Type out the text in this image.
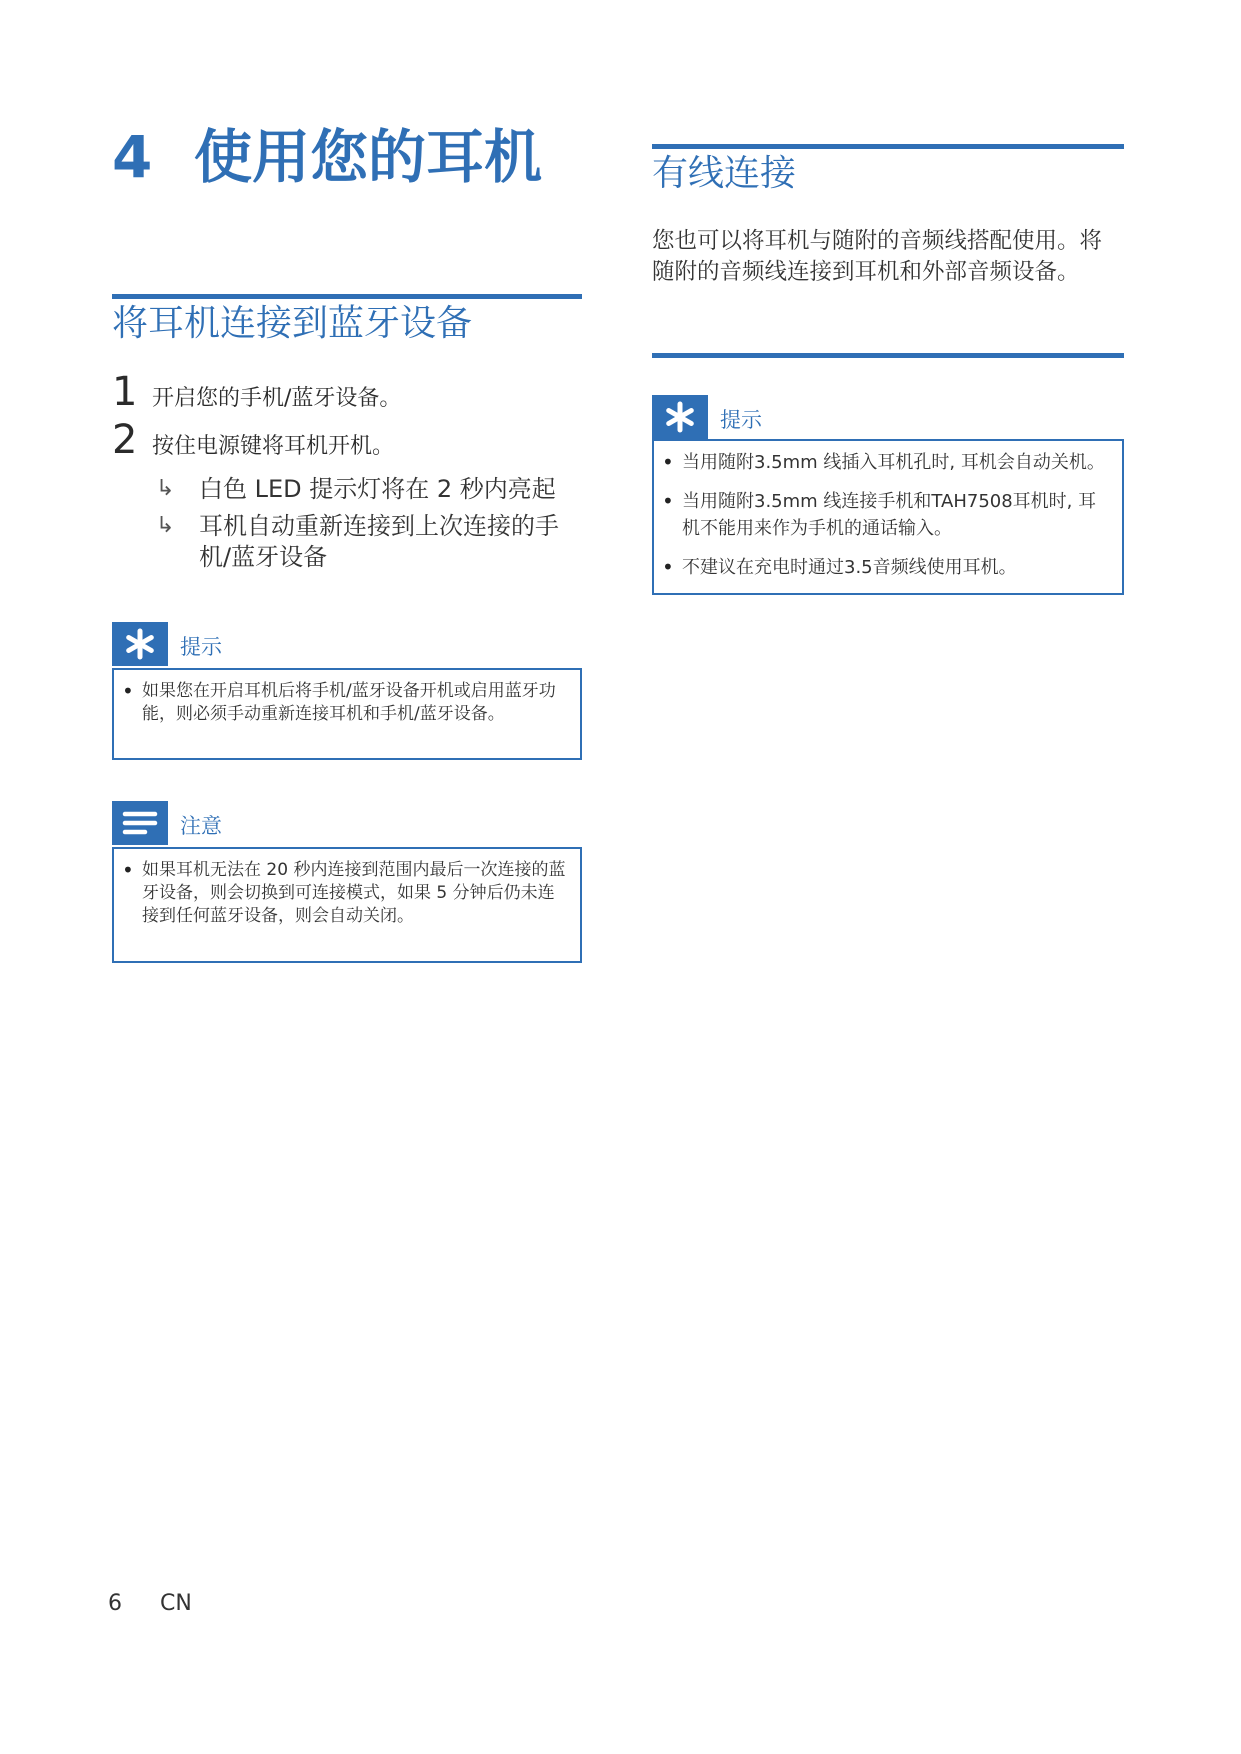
4 使用您的耳机
将耳机连接到蓝牙设备
1 开启您的手机/蓝牙设备。
2 按住电源键将耳机开机。
↳	白色 LED 提示灯将在 2 秒内亮起
↳	耳机自动重新连接到上次连接的手机/蓝牙设备
提示
• 如果您在开启耳机后将手机/蓝牙设备开机或启用蓝牙功能，则必须手动重新连接耳机和手机/蓝牙设备。
注意
• 如果耳机无法在 20 秒内连接到范围内最后一次连接的蓝牙设备，则会切换到可连接模式，如果 5 分钟后仍未连接到任何蓝牙设备，则会自动关闭。
有线连接
您也可以将耳机与随附的音频线搭配使用。将随附的音频线连接到耳机和外部音频设备。
提示
• 当用随附3.5mm 线插入耳机孔时, 耳机会自动关机。
• 当用随附3.5mm 线连接手机和TAH7508耳机时, 耳机不能用来作为手机的通话输入。
• 不建议在充电时通过3.5音频线使用耳机。
6 CN
